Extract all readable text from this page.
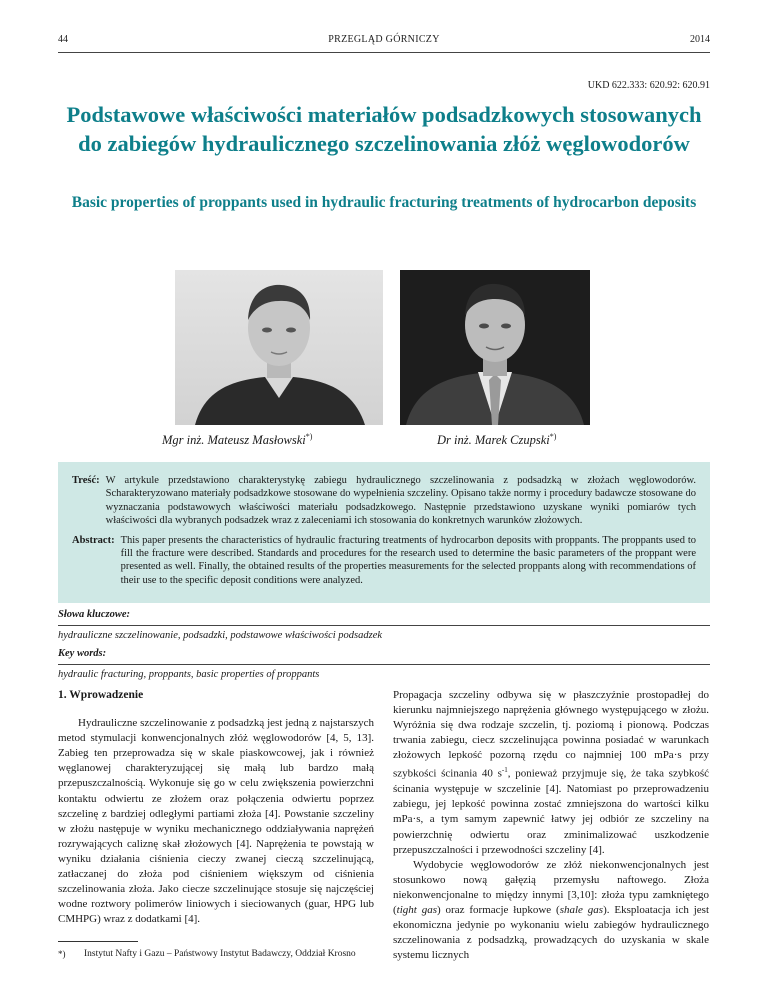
44	PRZEGLĄD GÓRNICZY	2014
UKD 622.333: 620.92: 620.91
Podstawowe właściwości materiałów podsadzkowych stosowanych do zabiegów hydraulicznego szczelinowania złóż węglowodorów
Basic properties of proppants used in hydraulic fracturing treatments of hydrocarbon deposits
Mgr inż. Mateusz Masłowski*)	Dr inż. Marek Czupski*)
Treść: W artykule przedstawiono charakterystykę zabiegu hydraulicznego szczelinowania z podsadzką w złożach węglowodorów. Scharakteryzowano materiały podsadzkowe stosowane do wypełnienia szczeliny. Opisano także normy i procedury badawcze stosowane do wyznaczania podstawowych właściwości materiału podsadzkowego. Następnie przedstawiono uzyskane wyniki pomiarów tych właściwości dla wybranych podsadzek wraz z zaleceniami ich stosowania do konkretnych warunków złożowych.
Abstract: This paper presents the characteristics of hydraulic fracturing treatments of hydrocarbon deposits with proppants. The proppants used to fill the fracture were described. Standards and procedures for the research used to determine the basic parameters of the proppant were presented as well. Finally, the obtained results of the properties measurements for the selected proppants along with recommendations of their use to the specific deposit conditions were analyzed.
Słowa kluczowe:
hydrauliczne szczelinowanie, podsadzki, podstawowe właściwości podsadzek
Key words:
hydraulic fracturing, proppants, basic properties of proppants
1. Wprowadzenie

Hydrauliczne szczelinowanie z podsadzką jest jedną z najstarszych metod stymulacji konwencjonalnych złóż węglowodorów [4, 5, 13]. Zabieg ten przeprowadza się w skale piaskowcowej, jak i również węglanowej charakteryzującej się małą lub bardzo małą przepuszczalnością. Wykonuje się go w celu zwiększenia powierzchni kontaktu odwiertu ze złożem oraz połączenia odwiertu poprzez szczelinę z bardziej odległymi partiami złoża [4]. Powstanie szczeliny w złożu następuje w wyniku mechanicznego oddziaływania naprężeń rozrywających caliznę skał złożowych [4]. Naprężenia te powstają w wyniku działania ciśnienia cieczy zwanej cieczą szczelinującą, zatłaczanej do złoża pod ciśnieniem większym od ciśnienia szczelinowania złoża. Jako ciecze szczelinujące stosuje się najczęściej wodne roztwory polimerów liniowych i sieciowanych (guar, HPG lub CMHPG) wraz z dodatkami [4].

*)	Instytut Nafty i Gazu – Państwowy Instytut Badawczy, Oddział Krosno

Propagacja szczeliny odbywa się w płaszczyźnie prostopadłej do kierunku najmniejszego naprężenia głównego występującego w złożu. Wyróżnia się dwa rodzaje szczelin, tj. poziomą i pionową. Podczas trwania zabiegu, ciecz szczelinująca powinna posiadać w warunkach złożowych lepkość pozorną rzędu co najmniej 100 mPa·s przy szybkości ścinania 40 $s^{-1}$, ponieważ przyjmuje się, że taka szybkość ścinania występuje w szczelinie [4]. Natomiast po przeprowadzeniu zabiegu, jej lepkość powinna zostać zmniejszona do wartości kilku mPa·s, a tym samym zapewnić łatwy jej odbiór ze szczeliny na powierzchnię odwiertu oraz zminimalizować uszkodzenie przepuszczalności i przewodności szczeliny [4].

Wydobycie węglowodorów ze złóż niekonwencjonalnych jest stosunkowo nową gałęzią przemysłu naftowego. Złoża niekonwencjonalne to między innymi [3,10]: złoża typu zamkniętego (tight gas) oraz formacje łupkowe (shale gas). Eksploatacja ich jest ekonomiczna jedynie po wykonaniu wielu zabiegów hydraulicznego szczelinowania z podsadzką, prowadzących do uzyskania w skale systemu licznych
